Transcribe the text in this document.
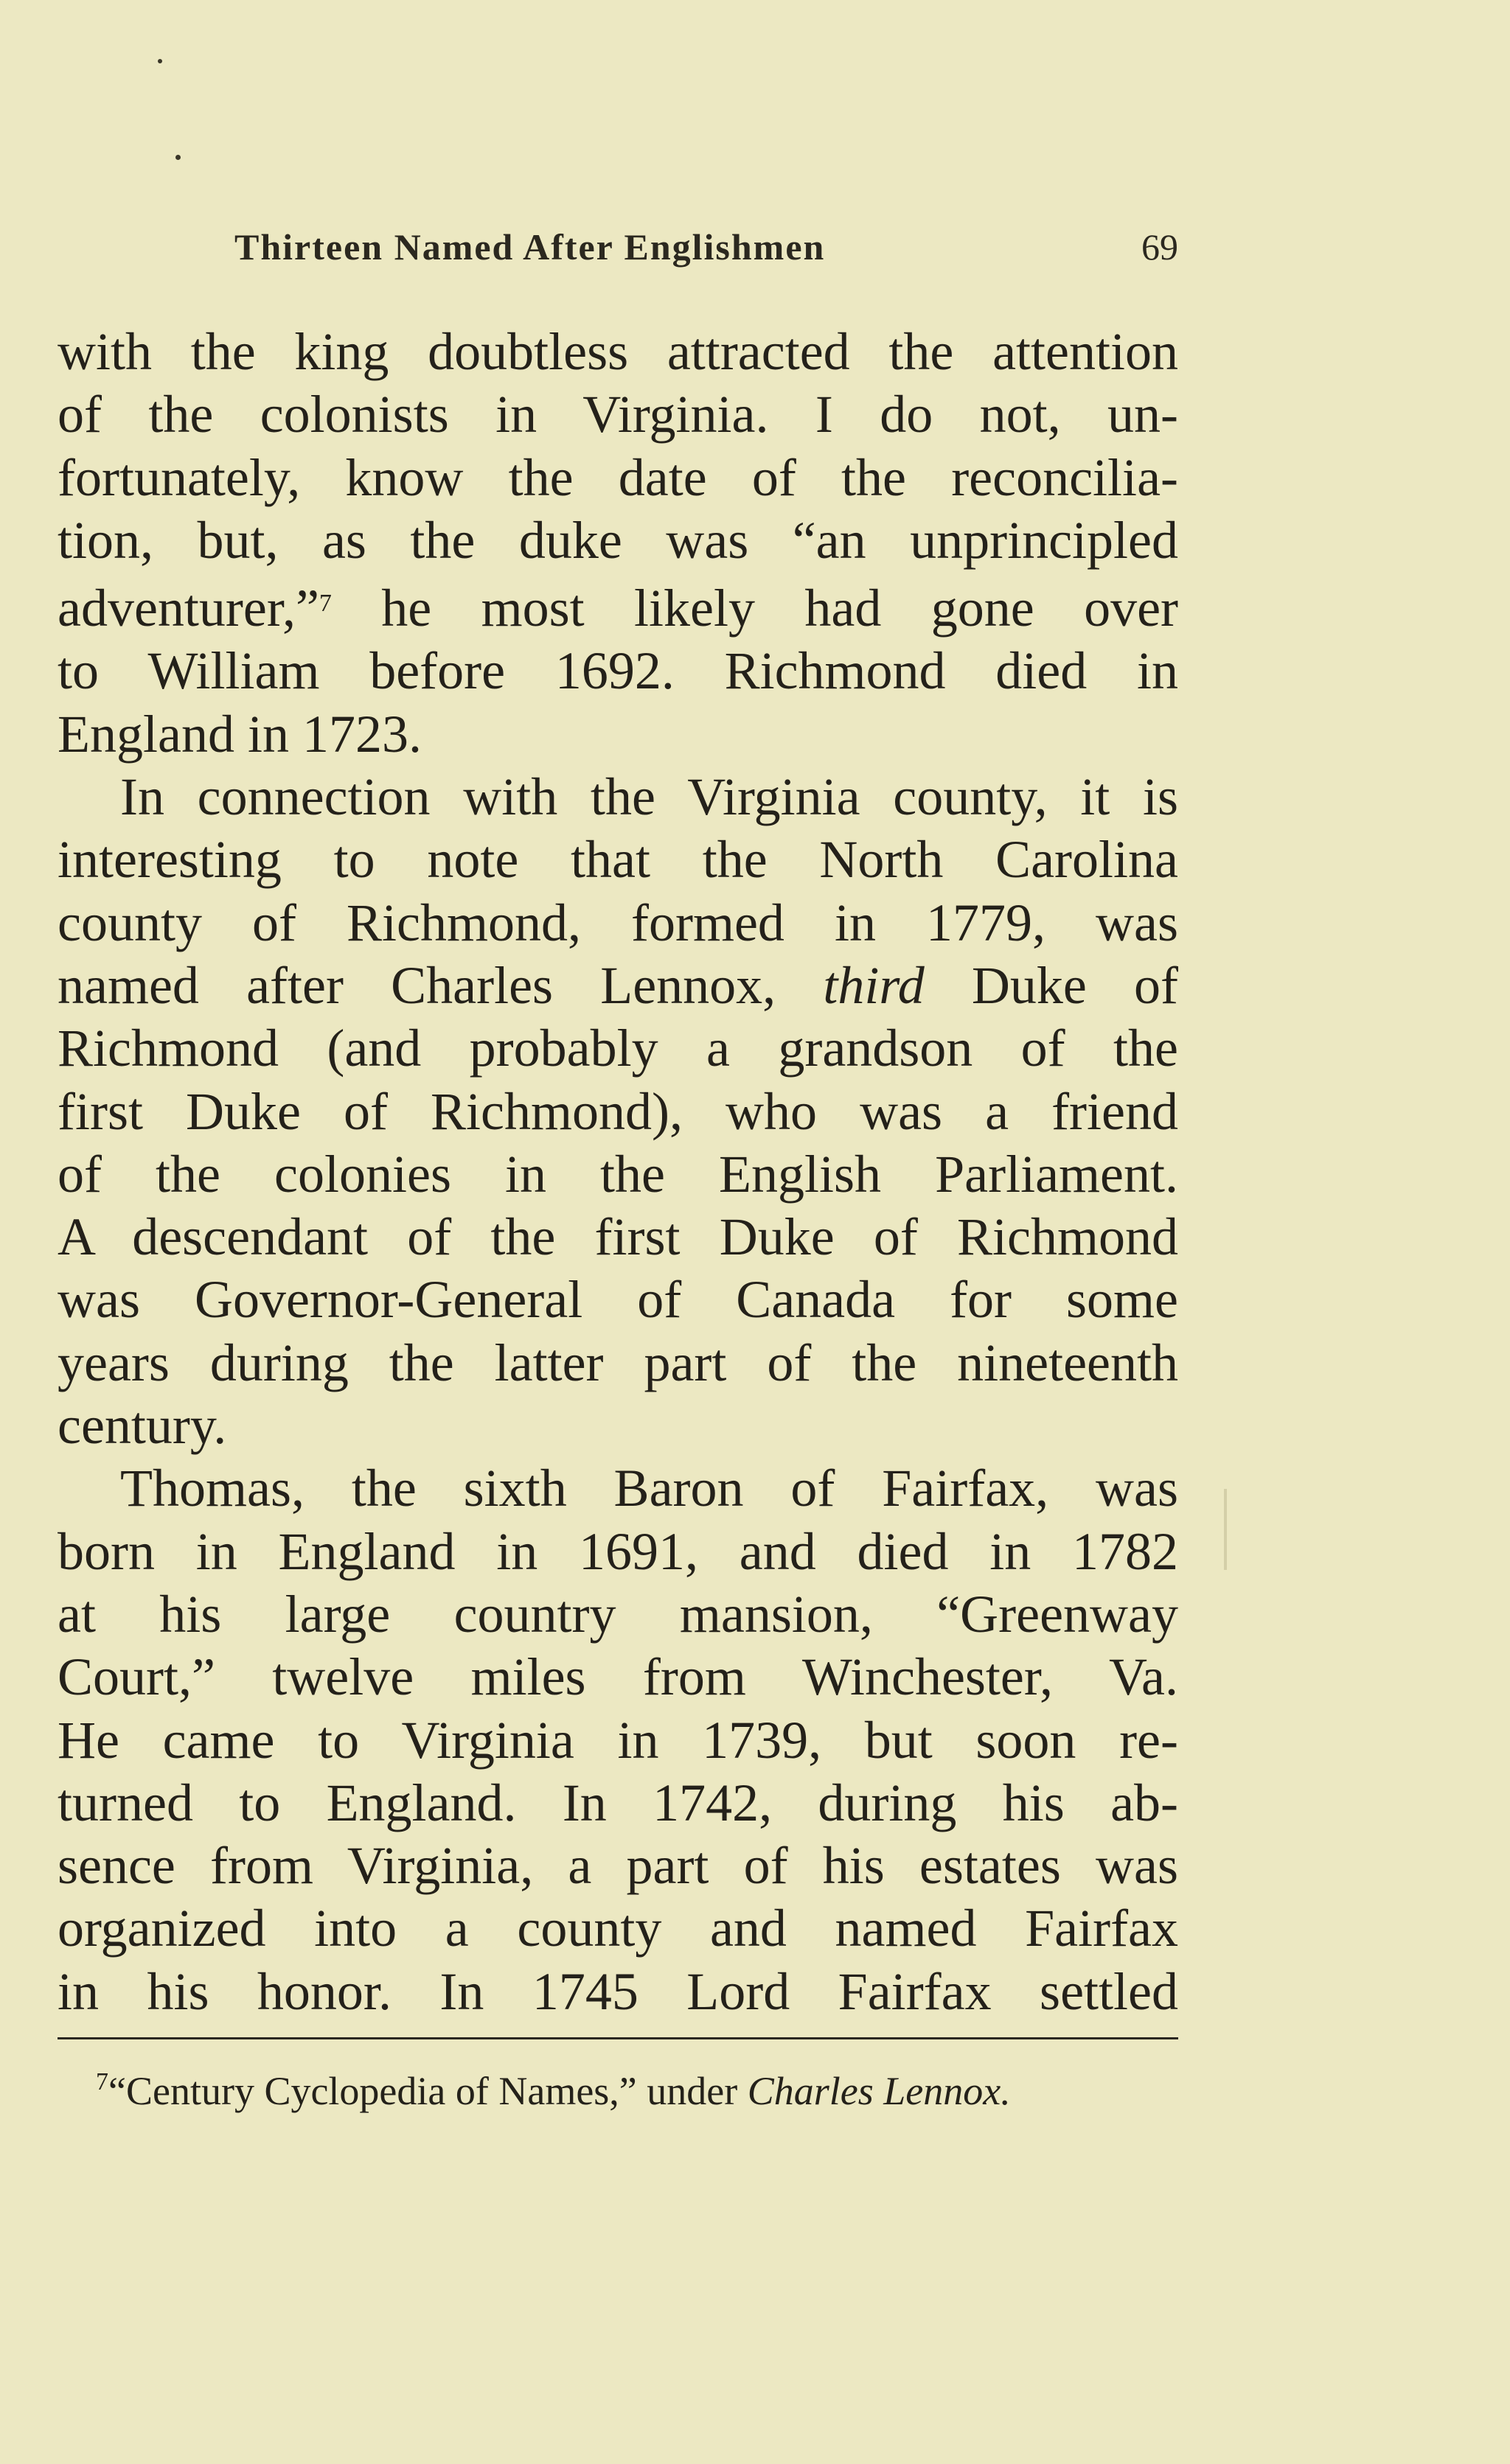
Thirteen Named After Englishmen	69
with the king doubtless attracted the attention
of the colonists in Virginia. I do not, un-
fortunately, know the date of the reconcilia-
tion, but, as the duke was “an unprincipled
adventurer,”$^7$ he most likely had gone over
to William before 1692. Richmond died in
England in 1723.
In connection with the Virginia county, it is
interesting to note that the North Carolina
county of Richmond, formed in 1779, was
named after Charles Lennox, third Duke of
Richmond (and probably a grandson of the
first Duke of Richmond), who was a friend
of the colonies in the English Parliament.
A descendant of the first Duke of Richmond
was Governor-General of Canada for some
years during the latter part of the nineteenth
century.
Thomas, the sixth Baron of Fairfax, was
born in England in 1691, and died in 1782
at his large country mansion, “Greenway
Court,” twelve miles from Winchester, Va.
He came to Virginia in 1739, but soon re-
turned to England. In 1742, during his ab-
sence from Virginia, a part of his estates was
organized into a county and named Fairfax
in his honor. In 1745 Lord Fairfax settled
$^7$“Century Cyclopedia of Names,” under Charles Lennox.
